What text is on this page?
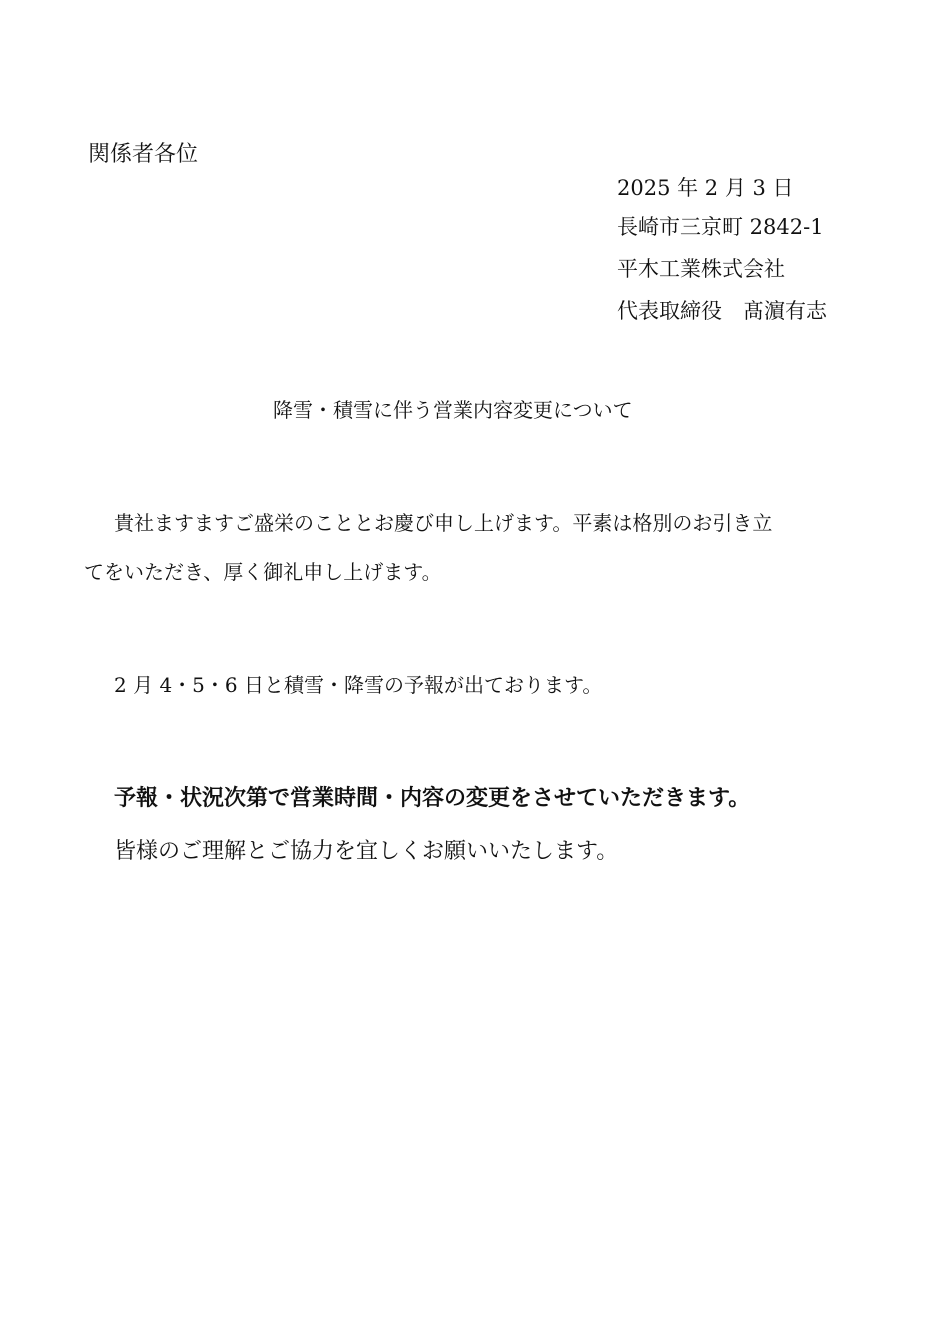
関係者各位
2025 年 2 月 3 日
長崎市三京町 2842-1
平木工業株式会社
代表取締役　髙濵有志
降雪・積雪に伴う営業内容変更について
貴社ますますご盛栄のこととお慶び申し上げます。平素は格別のお引き立
てをいただき、厚く御礼申し上げます。
2 月 4・5・6 日と積雪・降雪の予報が出ております。
予報・状況次第で営業時間・内容の変更をさせていただきます。
皆様のご理解とご協力を宜しくお願いいたします。
